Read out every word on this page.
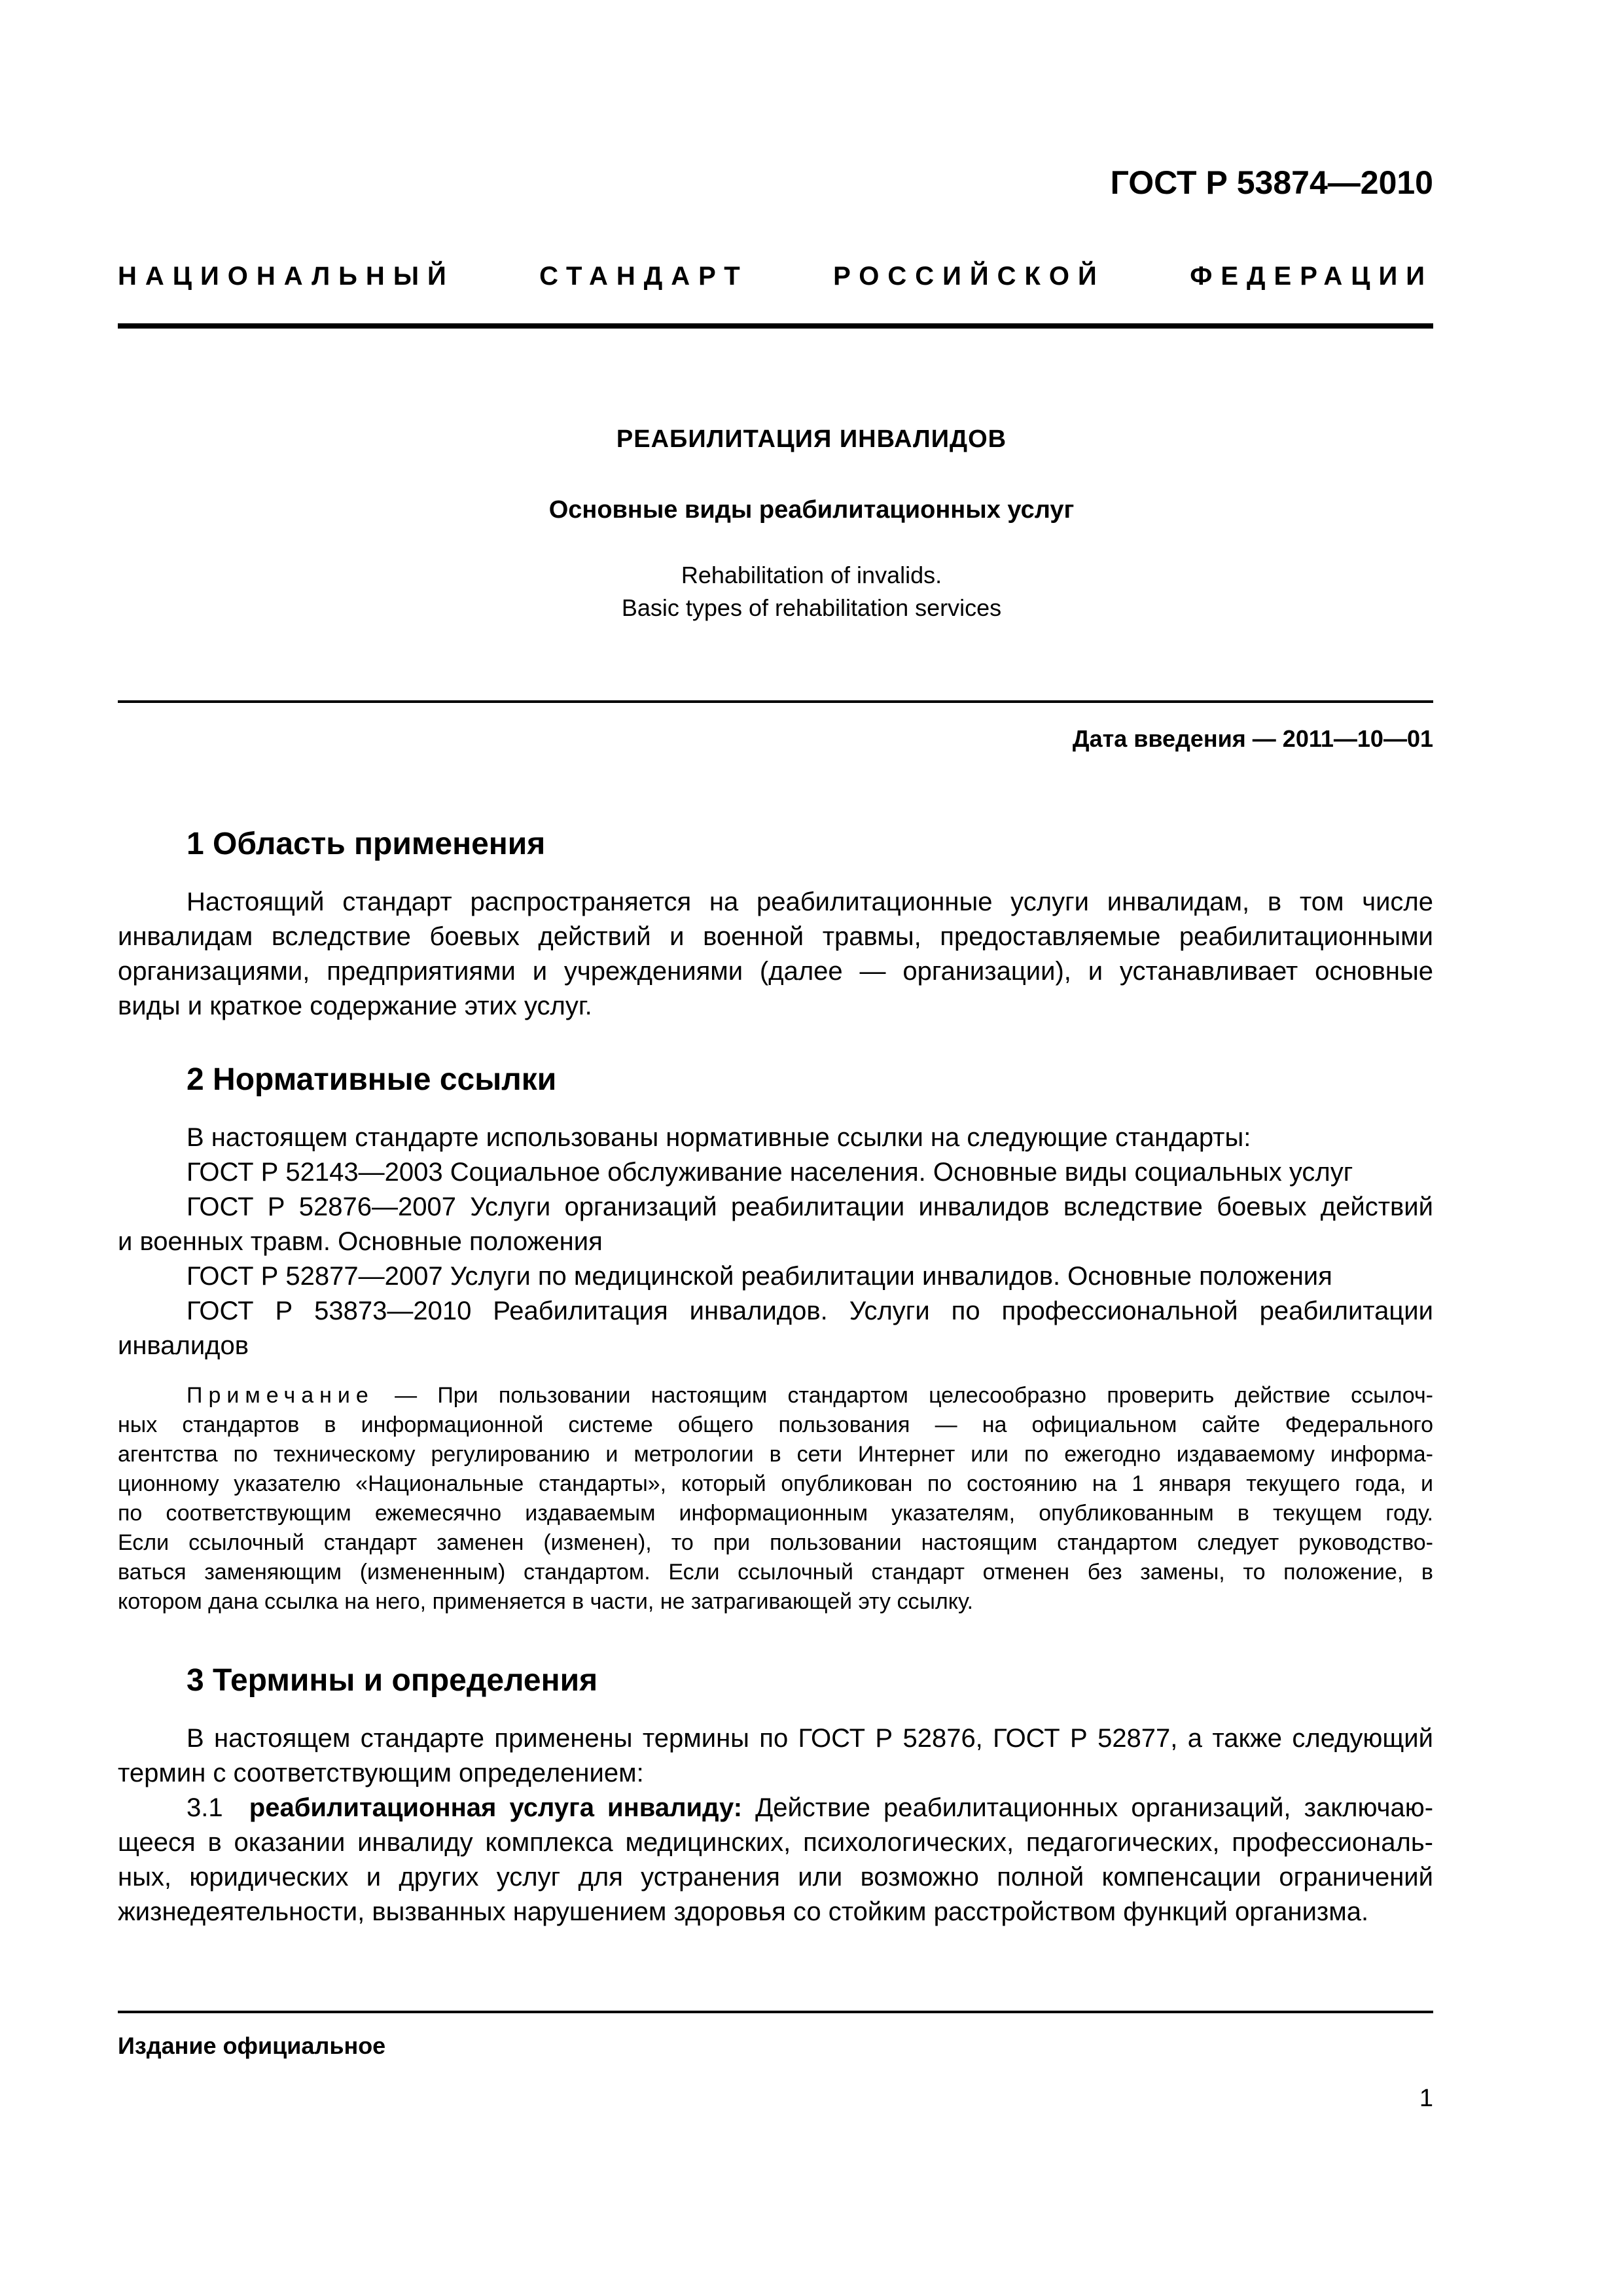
ГОСТ Р 53874—2010
НАЦИОНАЛЬНЫЙ	СТАНДАРТ	РОССИЙСКОЙ	ФЕДЕРАЦИИ
РЕАБИЛИТАЦИЯ ИНВАЛИДОВ
Основные виды реабилитационных услуг
Rehabilitation of invalids.
Basic types of rehabilitation services
Дата введения — 2011—10—01
1 Область применения
Настоящий стандарт распространяется на реабилитационные услуги инвалидам, в том числе
инвалидам вследствие боевых действий и военной травмы, предоставляемые реабилитационными
организациями, предприятиями и учреждениями (далее — организации), и устанавливает основные
виды и краткое содержание этих услуг.
2 Нормативные ссылки
В настоящем стандарте использованы нормативные ссылки на следующие стандарты:
ГОСТ Р 52143—2003 Социальное обслуживание населения. Основные виды социальных услуг
ГОСТ Р 52876—2007 Услуги организаций реабилитации инвалидов вследствие боевых действий
и военных травм. Основные положения
ГОСТ Р 52877—2007 Услуги по медицинской реабилитации инвалидов. Основные положения
ГОСТ Р 53873—2010 Реабилитация инвалидов. Услуги по профессиональной реабилитации
инвалидов
Примечание — При пользовании настоящим стандартом целесообразно проверить действие ссылоч-
ных стандартов в информационной системе общего пользования — на официальном сайте Федерального
агентства по техническому регулированию и метрологии в сети Интернет или по ежегодно издаваемому информа-
ционному указателю «Национальные стандарты», который опубликован по состоянию на 1 января текущего года, и
по соответствующим ежемесячно издаваемым информационным указателям, опубликованным в текущем году.
Если ссылочный стандарт заменен (изменен), то при пользовании настоящим стандартом следует руководство-
ваться заменяющим (измененным) стандартом. Если ссылочный стандарт отменен без замены, то положение, в
котором дана ссылка на него, применяется в части, не затрагивающей эту ссылку.
3 Термины и определения
В настоящем стандарте применены термины по ГОСТ Р 52876, ГОСТ Р 52877, а также следующий
термин с соответствующим определением:
3.1 реабилитационная услуга инвалиду: Действие реабилитационных организаций, заключаю-
щееся в оказании инвалиду комплекса медицинских, психологических, педагогических, профессиональ-
ных, юридических и других услуг для устранения или возможно полной компенсации ограничений
жизнедеятельности, вызванных нарушением здоровья со стойким расстройством функций организма.
Издание официальное
1
